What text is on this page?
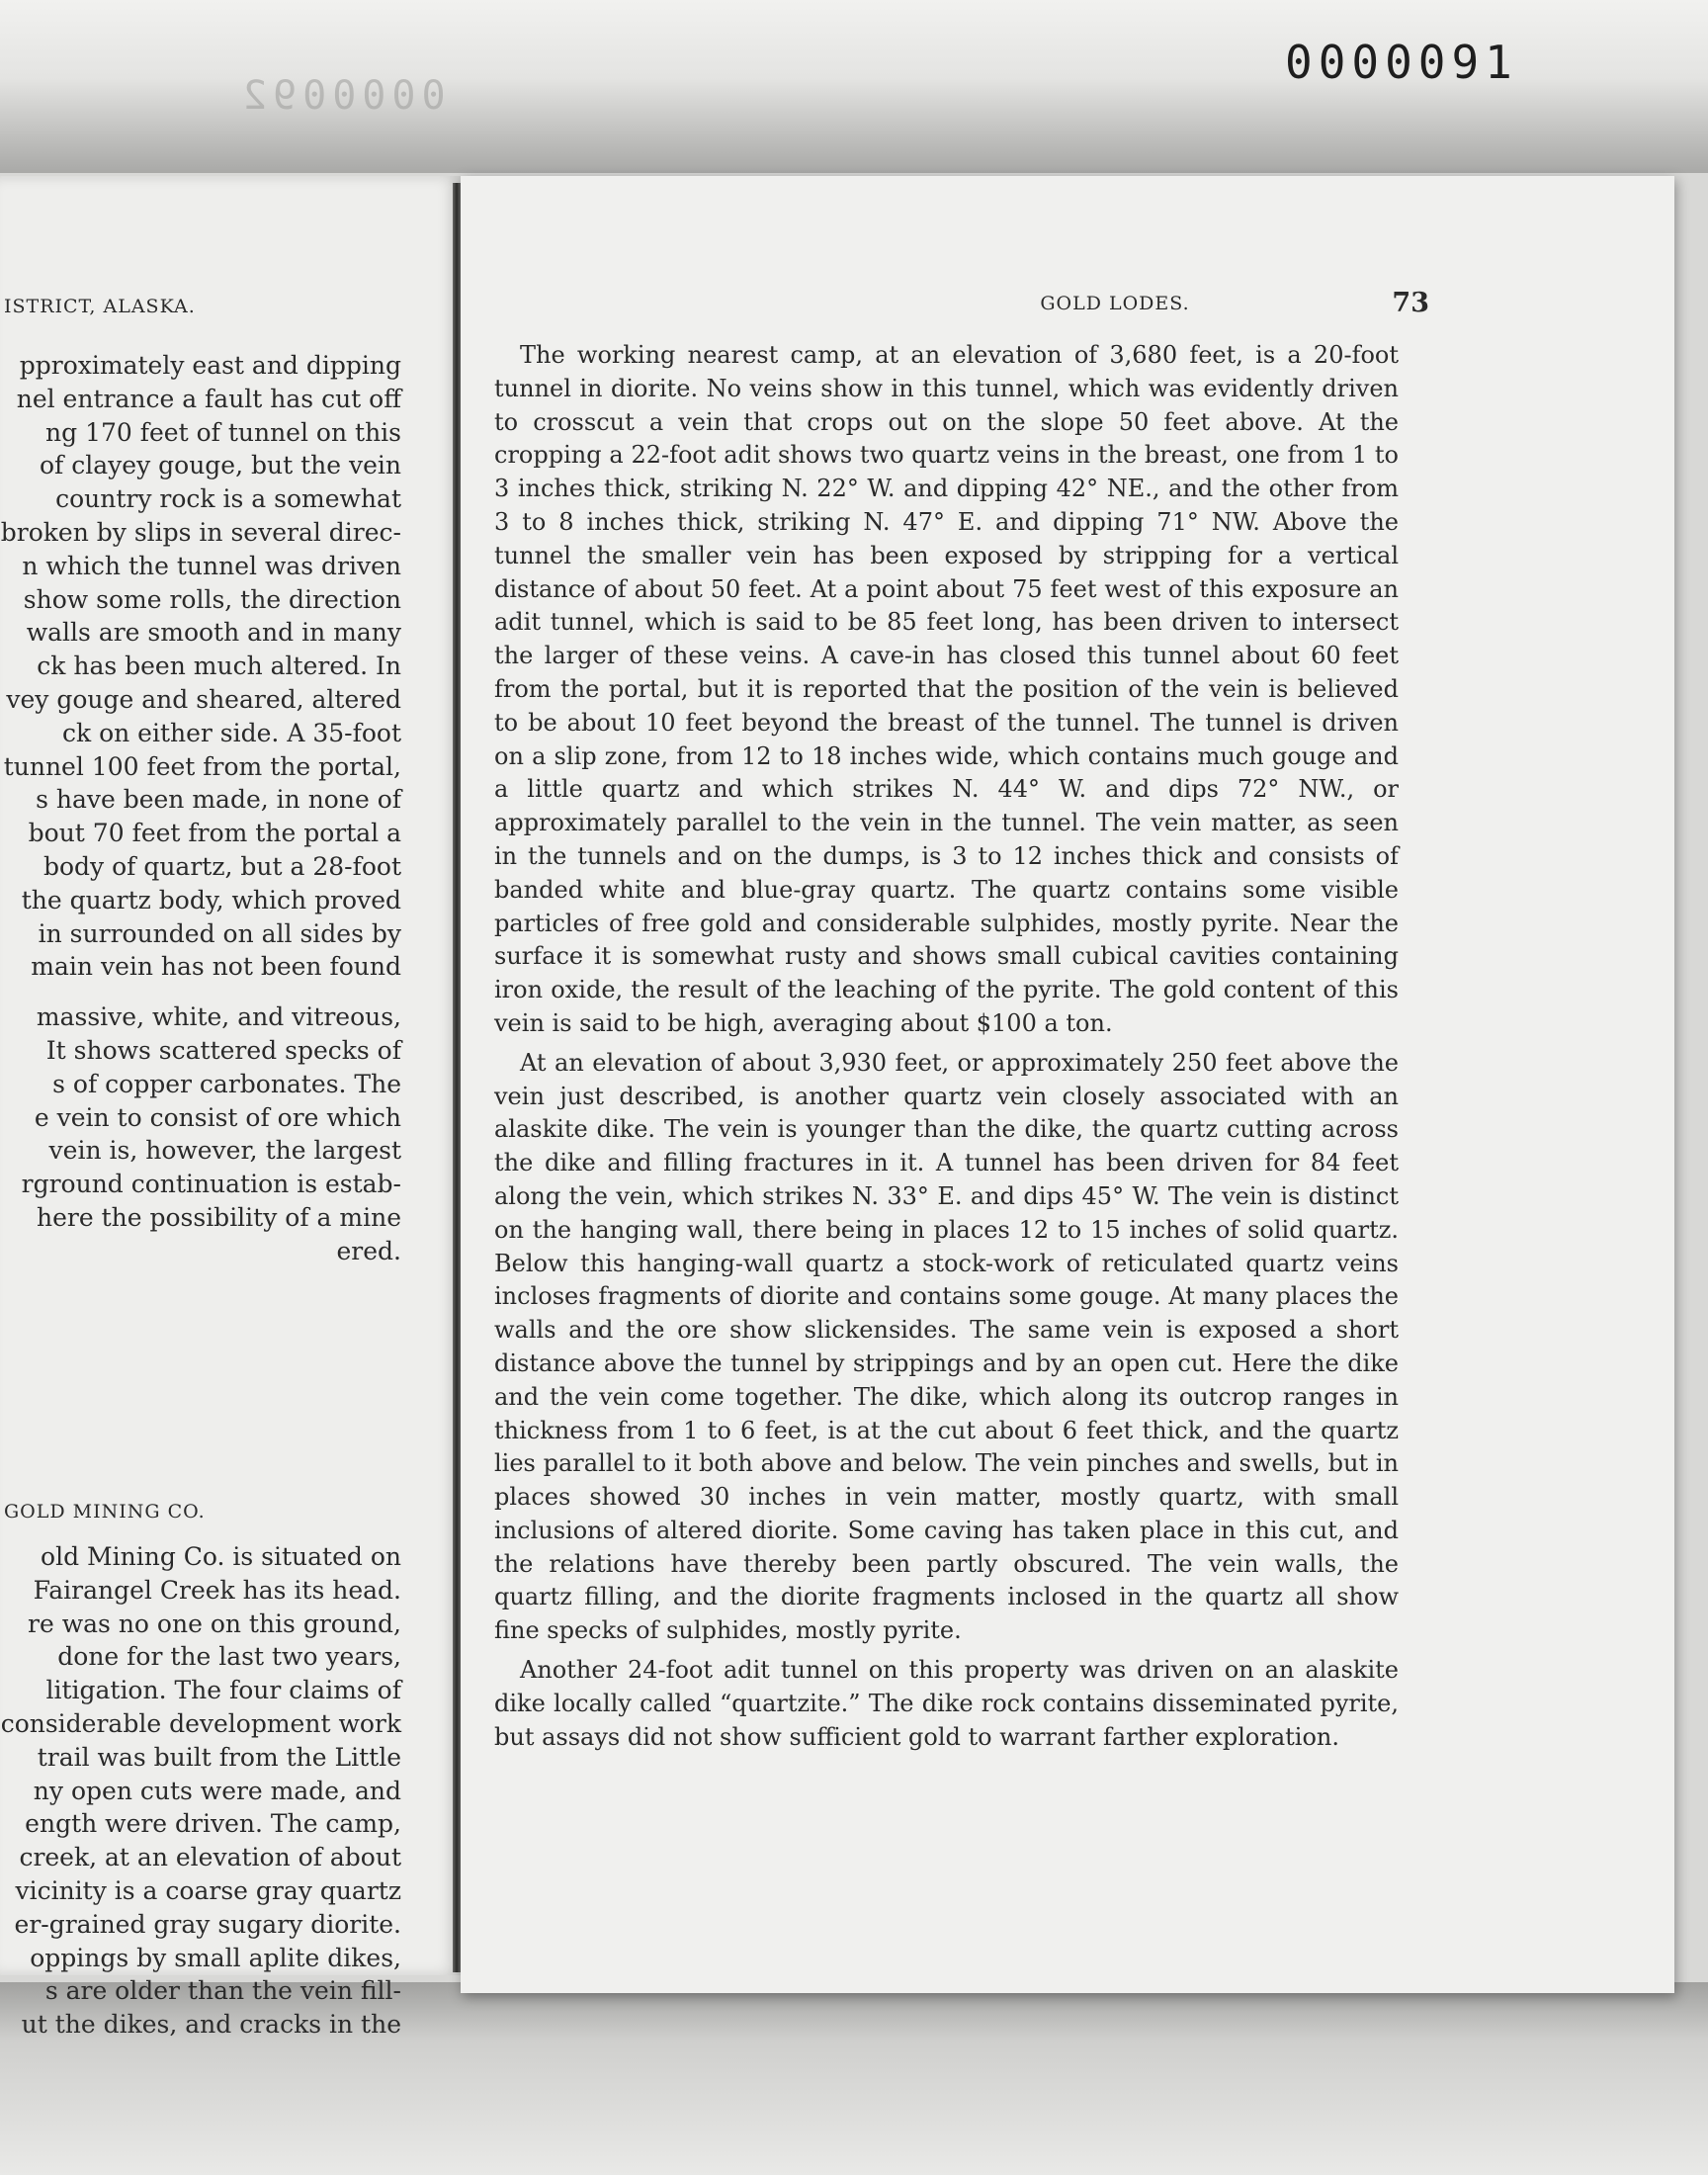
0000091
0000092
ISTRICT, ALASKA.
pproximately east and dipping
nel entrance a fault has cut off
ng 170 feet of tunnel on this
of clayey gouge, but the vein
country rock is a somewhat
broken by slips in several direc-
n which the tunnel was driven
show some rolls, the direction
walls are smooth and in many
ck has been much altered. In
vey gouge and sheared, altered
ck on either side. A 35-foot
tunnel 100 feet from the portal,
s have been made, in none of
bout 70 feet from the portal a
body of quartz, but a 28-foot
the quartz body, which proved
in surrounded on all sides by
main vein has not been found
massive, white, and vitreous,
It shows scattered specks of
s of copper carbonates. The
e vein to consist of ore which
vein is, however, the largest
rground continuation is estab-
here the possibility of a mine
ered.
GOLD MINING CO.
old Mining Co. is situated on
Fairangel Creek has its head.
re was no one on this ground,
done for the last two years,
litigation. The four claims of
considerable development work
trail was built from the Little
ny open cuts were made, and
ength were driven. The camp,
creek, at an elevation of about
vicinity is a coarse gray quartz
er-grained gray sugary diorite.
oppings by small aplite dikes,
s are older than the vein fill-
ut the dikes, and cracks in the
GOLD LODES.	73

The working nearest camp, at an elevation of 3,680 feet, is a 20-foot tunnel in diorite. No veins show in this tunnel, which was evidently driven to crosscut a vein that crops out on the slope 50 feet above. At the cropping a 22-foot adit shows two quartz veins in the breast, one from 1 to 3 inches thick, striking N. 22° W. and dipping 42° NE., and the other from 3 to 8 inches thick, striking N. 47° E. and dipping 71° NW. Above the tunnel the smaller vein has been exposed by stripping for a vertical distance of about 50 feet. At a point about 75 feet west of this exposure an adit tunnel, which is said to be 85 feet long, has been driven to intersect the larger of these veins. A cave-in has closed this tunnel about 60 feet from the portal, but it is reported that the position of the vein is believed to be about 10 feet beyond the breast of the tunnel. The tunnel is driven on a slip zone, from 12 to 18 inches wide, which contains much gouge and a little quartz and which strikes N. 44° W. and dips 72° NW., or approximately parallel to the vein in the tunnel. The vein matter, as seen in the tunnels and on the dumps, is 3 to 12 inches thick and consists of banded white and blue-gray quartz. The quartz contains some visible particles of free gold and considerable sulphides, mostly pyrite. Near the surface it is somewhat rusty and shows small cubical cavities containing iron oxide, the result of the leaching of the pyrite. The gold content of this vein is said to be high, averaging about $100 a ton.

At an elevation of about 3,930 feet, or approximately 250 feet above the vein just described, is another quartz vein closely associated with an alaskite dike. The vein is younger than the dike, the quartz cutting across the dike and filling fractures in it. A tunnel has been driven for 84 feet along the vein, which strikes N. 33° E. and dips 45° W. The vein is distinct on the hanging wall, there being in places 12 to 15 inches of solid quartz. Below this hanging-wall quartz a stock-work of reticulated quartz veins incloses fragments of diorite and contains some gouge. At many places the walls and the ore show slickensides. The same vein is exposed a short distance above the tunnel by strippings and by an open cut. Here the dike and the vein come together. The dike, which along its outcrop ranges in thickness from 1 to 6 feet, is at the cut about 6 feet thick, and the quartz lies parallel to it both above and below. The vein pinches and swells, but in places showed 30 inches in vein matter, mostly quartz, with small inclusions of altered diorite. Some caving has taken place in this cut, and the relations have thereby been partly obscured. The vein walls, the quartz filling, and the diorite fragments inclosed in the quartz all show fine specks of sulphides, mostly pyrite.

Another 24-foot adit tunnel on this property was driven on an alaskite dike locally called “quartzite.” The dike rock contains disseminated pyrite, but assays did not show sufficient gold to warrant farther exploration.
